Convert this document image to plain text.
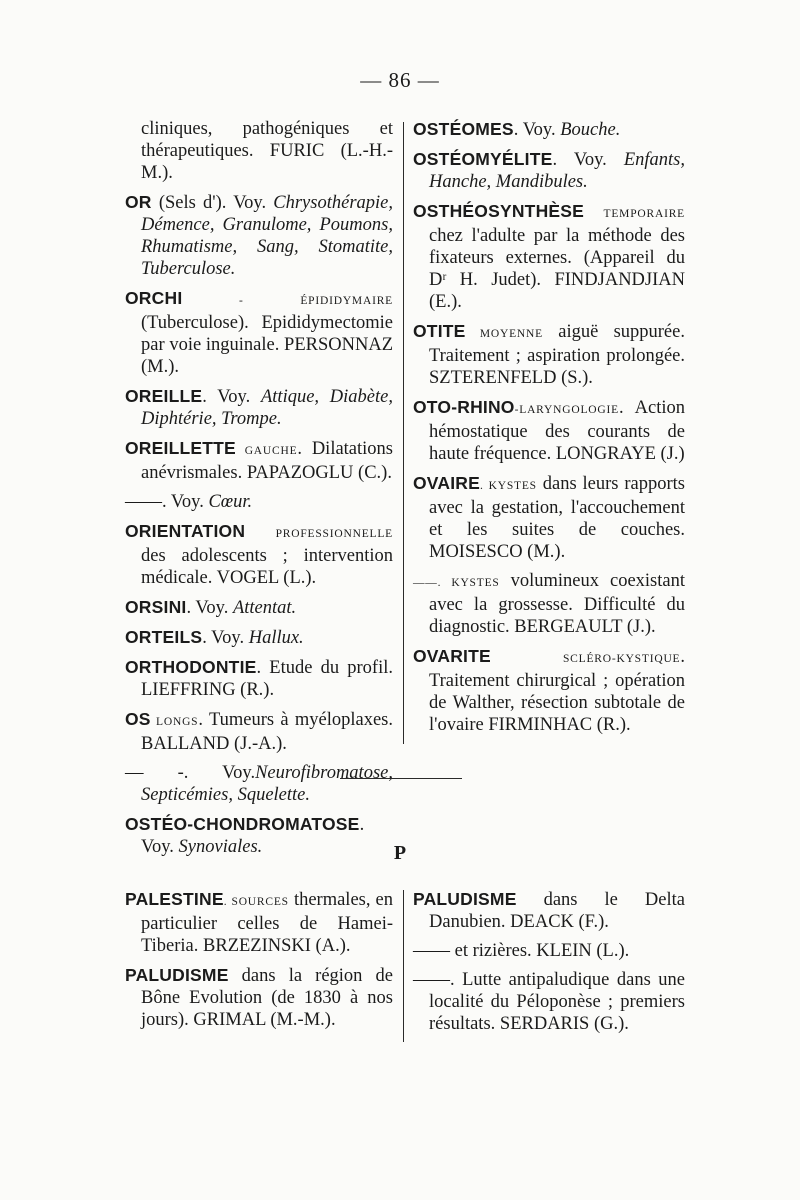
— 86 —

cliniques, pathogéniques et thérapeutiques. FURIC (L.-H.-M.).

OR (Sels d'). Voy. Chrysothérapie, Démence, Granulome, Poumons, Rhumatisme, Sang, Stomatite, Tuberculose.

ORCHI - ÉPIDIDYMAIRE (Tuberculose). Epididymectomie par voie inguinale. PERSONNAZ (M.).

OREILLE. Voy. Attique, Diabète, Diphtérie, Trompe.

OREILLETTE GAUCHE. Dilatations anévrismales. PAPAZOGLU (C.).

——. Voy. Cœur.

ORIENTATION PROFESSIONNELLE des adolescents ; intervention médicale. VOGEL (L.).

ORSINI. Voy. Attentat.

ORTEILS. Voy. Hallux.

ORTHODONTIE. Etude du profil. LIEFFRING (R.).

OS LONGS. Tumeurs à myéloplaxes. BALLAND (J.-A.).

— -. Voy.Neurofibromatose, Septicémies, Squelette.

OSTÉO-CHONDROMATOSE. Voy. Synoviales.

OSTÉOMES. Voy. Bouche.

OSTÉOMYÉLITE. Voy. Enfants, Hanche, Mandibules.

OSTHÉOSYNTHÈSE TEMPORAIRE chez l'adulte par la méthode des fixateurs externes. (Appareil du Dʳ H. Judet). FINDJANDJIAN (E.).

OTITE MOYENNE aiguë suppurée. Traitement ; aspiration prolongée. SZTERENFELD (S.).

OTO-RHINO-LARYNGOLOGIE. Action hémostatique des courants de haute fréquence. LONGRAYE (J.)

OVAIRE. KYSTES dans leurs rapports avec la gestation, l'accouchement et les suites de couches. MOISESCO (M.).

——. KYSTES volumineux coexistant avec la grossesse. Difficulté du diagnostic. BERGEAULT (J.).

OVARITE SCLÉRO-KYSTIQUE. Traitement chirurgical ; opération de Walther, résection subtotale de l'ovaire FIRMINHAC (R.).

P

PALESTINE. SOURCES thermales, en particulier celles de Hamei-Tiberia. BRZEZINSKI (A.).

PALUDISME dans la région de Bône Evolution (de 1830 à nos jours). GRIMAL (M.-M.).

PALUDISME dans le Delta Danubien. DEACK (F.).

—— et rizières. KLEIN (L.).

——. Lutte antipaludique dans une localité du Péloponèse ; premiers résultats. SERDARIS (G.).
